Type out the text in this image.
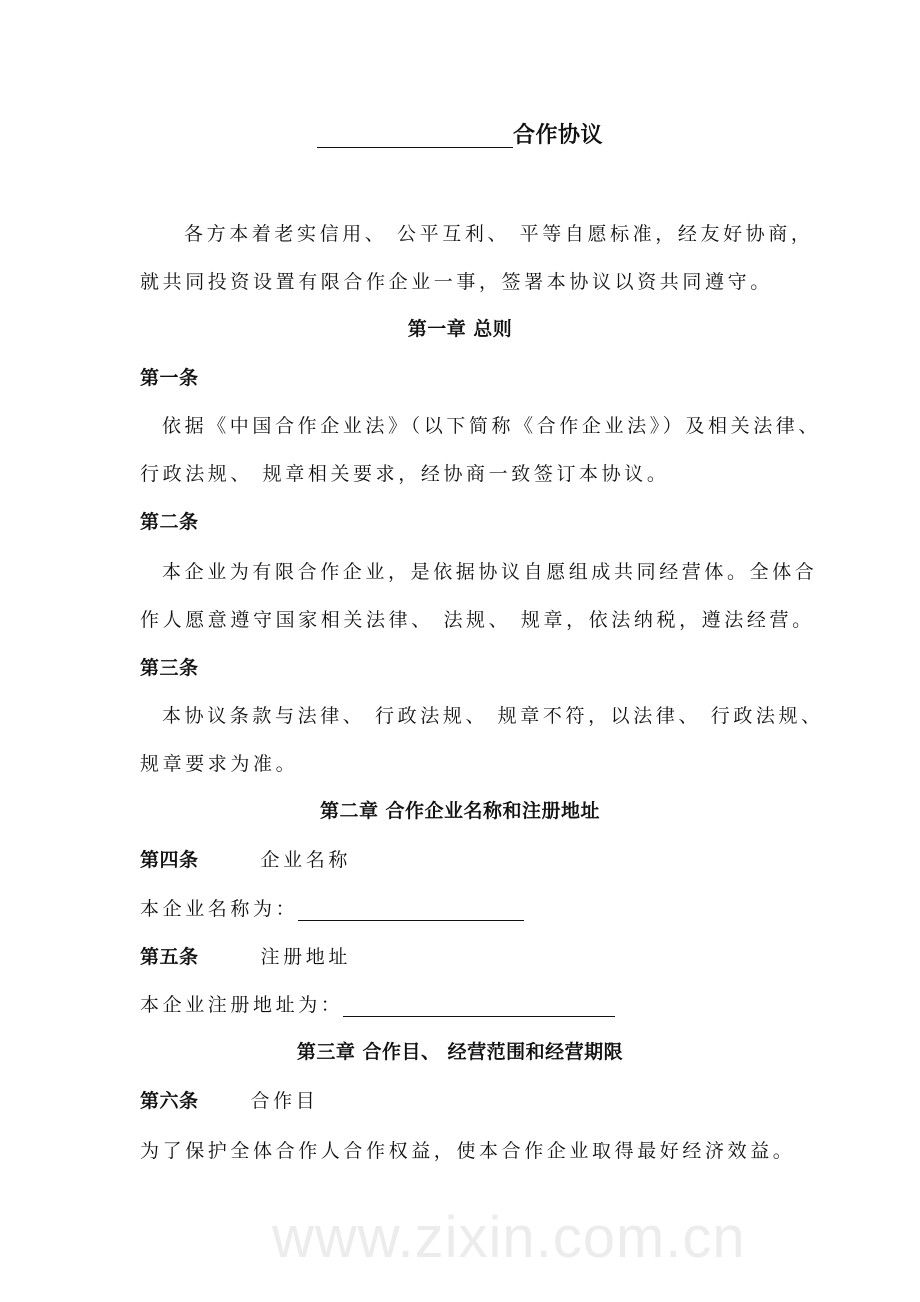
www.zixin.com.cn
合作协议
各方本着老实信用、 公平互利、 平等自愿标准，经友好协商，
就共同投资设置有限合作企业一事，签署本协议以资共同遵守。
第一章 总则
第一条
依据《中国合作企业法》（以下简称《合作企业法》）及相关法律、
行政法规、 规章相关要求，经协商一致签订本协议。
第二条
本企业为有限合作企业，是依据协议自愿组成共同经营体。全体合
作人愿意遵守国家相关法律、 法规、 规章，依法纳税，遵法经营。
第三条
本协议条款与法律、 行政法规、 规章不符，以法律、 行政法规、
规章要求为准。
第二章 合作企业名称和注册地址
第四条	企业名称
本企业名称为：
第五条	注册地址
本企业注册地址为：
第三章 合作目、 经营范围和经营期限
第六条	合作目
为了保护全体合作人合作权益，使本合作企业取得最好经济效益。
